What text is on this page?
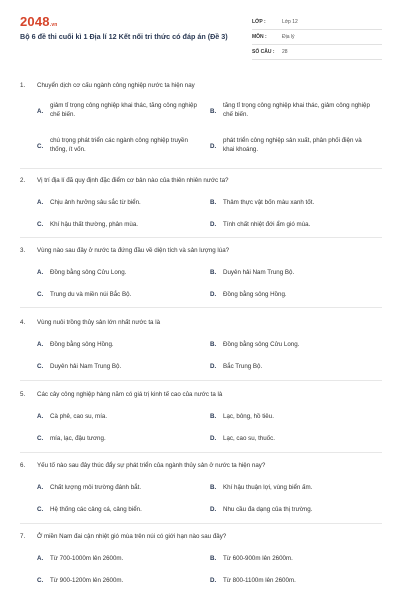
2048.vn
Bộ 6 đề thi cuối kì 1 Địa lí 12 Kết nối tri thức có đáp án (Đề 3)
LỚP :	Lớp 12
MÔN :	Địa lý
SỐ CÂU :	28
1. Chuyển dịch cơ cấu ngành công nghiệp nước ta hiện nay
A.
giảm tỉ trọng công nghiệp khai thác, tăng công nghiệp chế biến.	B.
tăng tỉ trọng công nghiệp khai thác, giảm công nghiệp chế biến.
C.
chú trọng phát triển các ngành công nghiệp truyền thống, ít vốn.	D.
phát triển công nghiệp sản xuất, phân phối điện và khai khoáng.
2. Vị trí địa lí đã quy định đặc điểm cơ bản nào của thiên nhiên nước ta?
A. Chịu ảnh hưởng sâu sắc từ biển.	B. Thảm thực vật bốn màu xanh tốt.
C. Khí hậu thất thường, phân mùa.	D. Tính chất nhiệt đới ẩm gió mùa.
3. Vùng nào sau đây ở nước ta đứng đầu về diện tích và sản lượng lúa?
A. Đồng bằng sông Cửu Long.	B. Duyên hải Nam Trung Bộ.
C. Trung du và miền núi Bắc Bộ.	D. Đồng bằng sông Hồng.
4. Vùng nuôi trồng thủy sản lớn nhất nước ta là
A. Đồng bằng sông Hồng.	B. Đồng bằng sông Cửu Long.
C. Duyên hải Nam Trung Bộ.	D. Bắc Trung Bộ.
5. Các cây công nghiệp hàng năm có giá trị kinh tế cao của nước ta là
A. Cà phê, cao su, mía.	B. Lạc, bông, hồ tiêu.
C. mía, lạc, đậu tương.	D. Lạc, cao su, thuốc.
6. Yếu tố nào sau đây thúc đẩy sự phát triển của ngành thủy sản ở nước ta hiện nay?
A. Chất lượng môi trường đánh bắt.	B. Khí hậu thuận lợi, vùng biển ấm.
C. Hệ thống các cảng cá, cảng biển.	D. Nhu cầu đa dạng của thị trường.
7. Ở miền Nam đai cận nhiệt gió mùa trên núi có giới hạn nào sau đây?
A. Từ 700-1000m lên 2600m.	B. Từ 600-900m lên 2600m.
C. Từ 900-1200m lên 2600m.	D. Từ 800-1100m lên 2600m.
